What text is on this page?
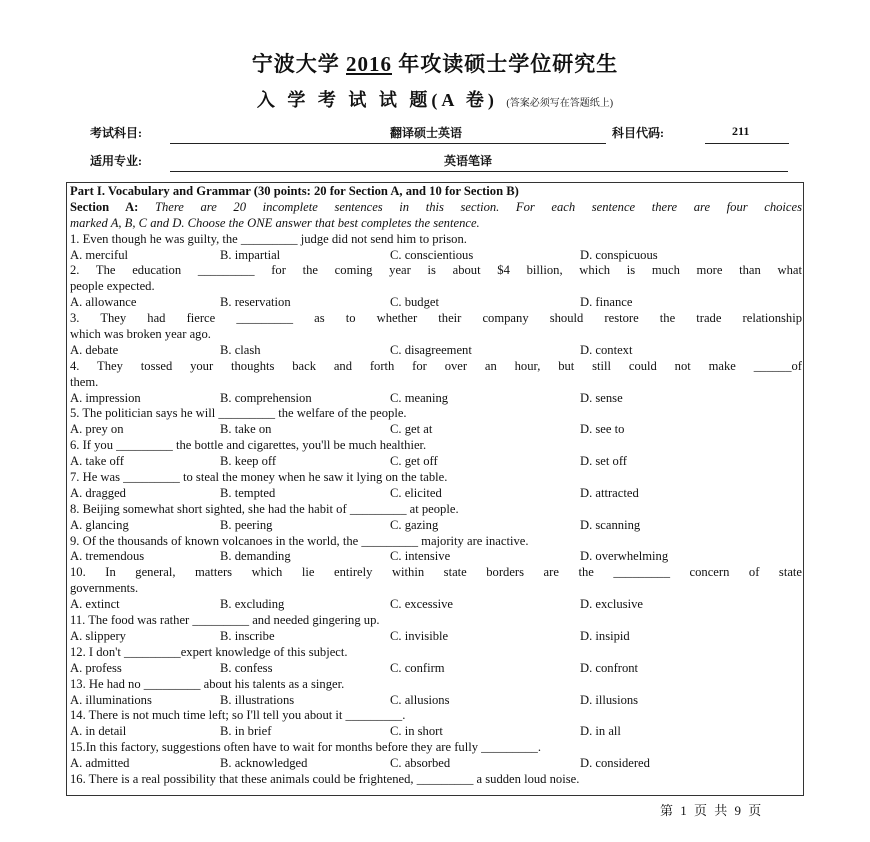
宁波大学 2016 年攻读硕士学位研究生
入 学 考 试 试 题(A 卷) (答案必须写在答题纸上)
考试科目:	翻译硕士英语	科目代码:	211
适用专业:	英语笔译
Part I. Vocabulary and Grammar (30 points: 20 for Section A, and 10 for Section B)
Section A: There are 20 incomplete sentences in this section. For each sentence there are four choices
marked A, B, C and D. Choose the ONE answer that best completes the sentence.
1. Even though he was guilty, the _________ judge did not send him to prison.
A. merciful	B. impartial	C. conscientious	D. conspicuous
2. The education _________ for the coming year is about $4 billion, which is much more than what
people expected.
A. allowance	B. reservation	C. budget	D. finance
3. They had fierce _________ as to whether their company should restore the trade relationship
which was broken year ago.
A. debate	B. clash	C. disagreement	D. context
4. They tossed your thoughts back and forth for over an hour, but still could not make ______of
them.
A. impression	B. comprehension	C. meaning	D. sense
5. The politician says he will _________ the welfare of the people.
A. prey on	B. take on	C. get at	D. see to
6. If you _________ the bottle and cigarettes, you'll be much healthier.
A. take off	B. keep off	C. get off	D. set off
7. He was _________ to steal the money when he saw it lying on the table.
A. dragged	B. tempted	C. elicited	D. attracted
8. Beijing somewhat short sighted, she had the habit of _________ at people.
A. glancing	B. peering	C. gazing	D. scanning
9. Of the thousands of known volcanoes in the world, the _________ majority are inactive.
A. tremendous	B. demanding	C. intensive	D. overwhelming
10. In general, matters which lie entirely within state borders are the _________ concern of state
governments.
A. extinct	B. excluding	C. excessive	D. exclusive
11. The food was rather _________ and needed gingering up.
A. slippery	B. inscribe	C. invisible	D. insipid
12. I don't _________expert knowledge of this subject.
A. profess	B. confess	C. confirm	D. confront
13. He had no _________ about his talents as a singer.
A. illuminations	B. illustrations	C. allusions	D. illusions
14. There is not much time left; so I'll tell you about it _________.
A. in detail	B. in brief	C. in short	D. in all
15.In this factory, suggestions often have to wait for months before they are fully _________.
A. admitted	B. acknowledged	C. absorbed	D. considered
16. There is a real possibility that these animals could be frightened, _________ a sudden loud noise.
第 1 页 共 9 页
